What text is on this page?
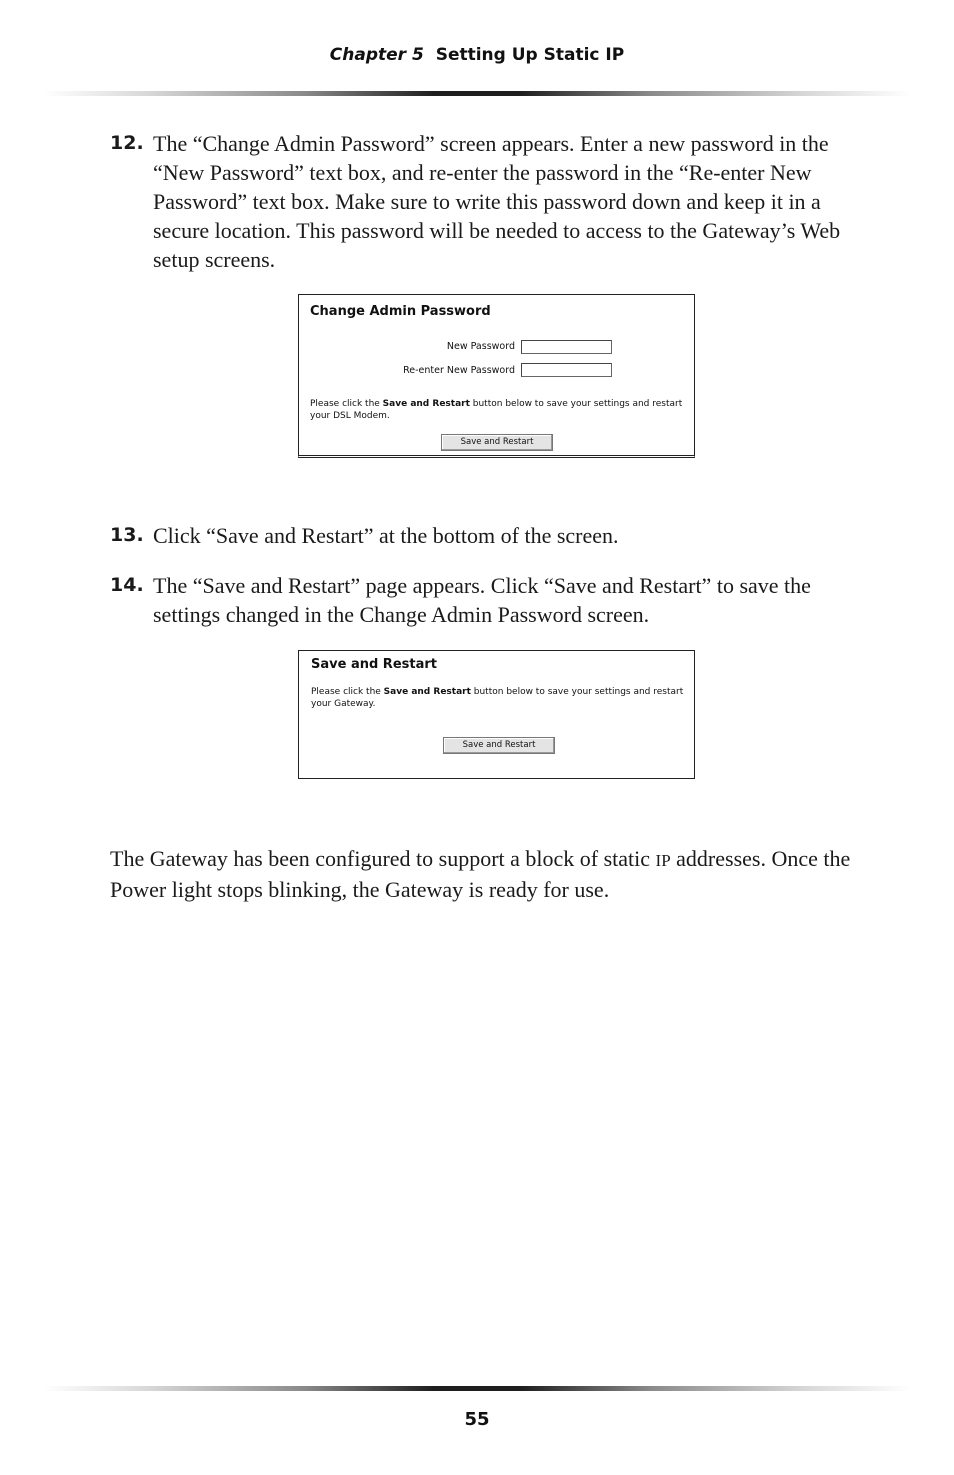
Chapter 5 Setting Up Static IP
12. The “Change Admin Password” screen appears. Enter a new password in the “New Password” text box, and re-enter the password in the “Re-enter New Password” text box. Make sure to write this password down and keep it in a secure location. This password will be needed to access to the Gateway’s Web setup screens.
Change Admin Password
New Password
Re-enter New Password
Please click the Save and Restart button below to save your settings and restart your DSL Modem.
Save and Restart
13. Click “Save and Restart” at the bottom of the screen.
14. The “Save and Restart” page appears. Click “Save and Restart” to save the settings changed in the Change Admin Password screen.
Save and Restart
Please click the Save and Restart button below to save your settings and restart your Gateway.
Save and Restart
The Gateway has been configured to support a block of static IP addresses. Once the Power light stops blinking, the Gateway is ready for use.
55
